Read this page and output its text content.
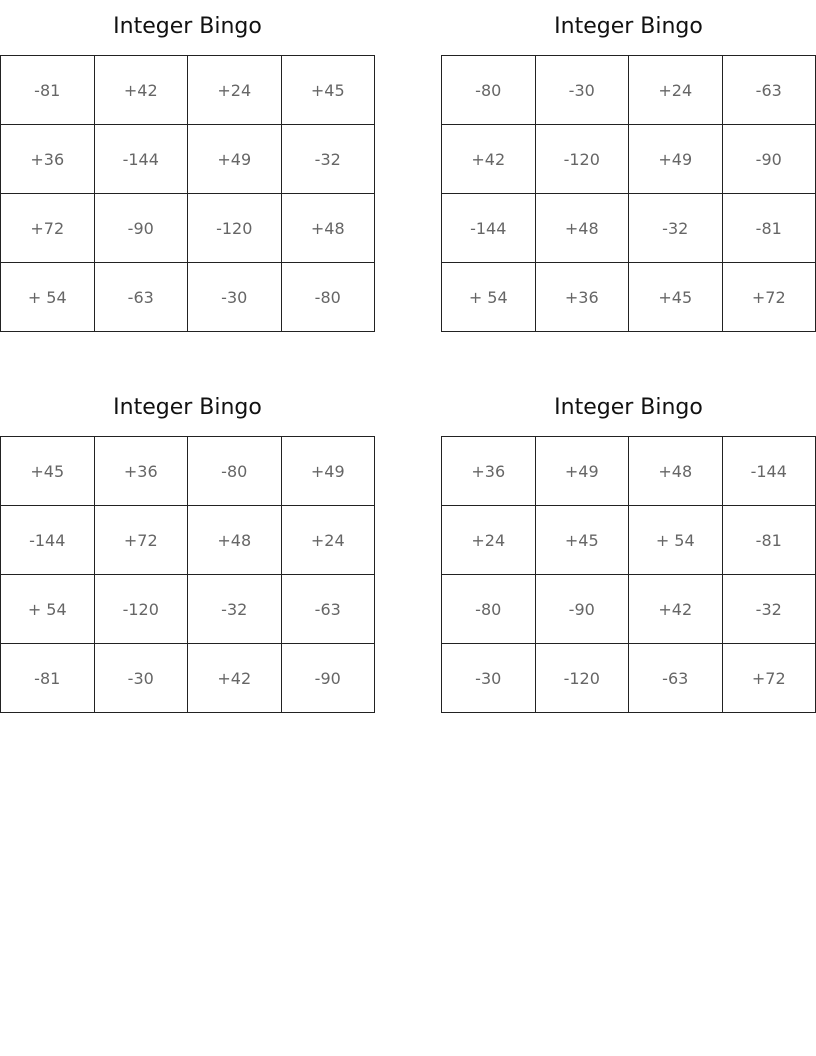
Integer Bingo
-81	+42	+24	+45
+36	-144	+49	-32
+72	-90	-120	+48
+ 54	-63	-30	-80
Integer Bingo
-80	-30	+24	-63
+42	-120	+49	-90
-144	+48	-32	-81
+ 54	+36	+45	+72
Integer Bingo
+45	+36	-80	+49
-144	+72	+48	+24
+ 54	-120	-32	-63
-81	-30	+42	-90
Integer Bingo
+36	+49	+48	-144
+24	+45	+ 54	-81
-80	-90	+42	-32
-30	-120	-63	+72
